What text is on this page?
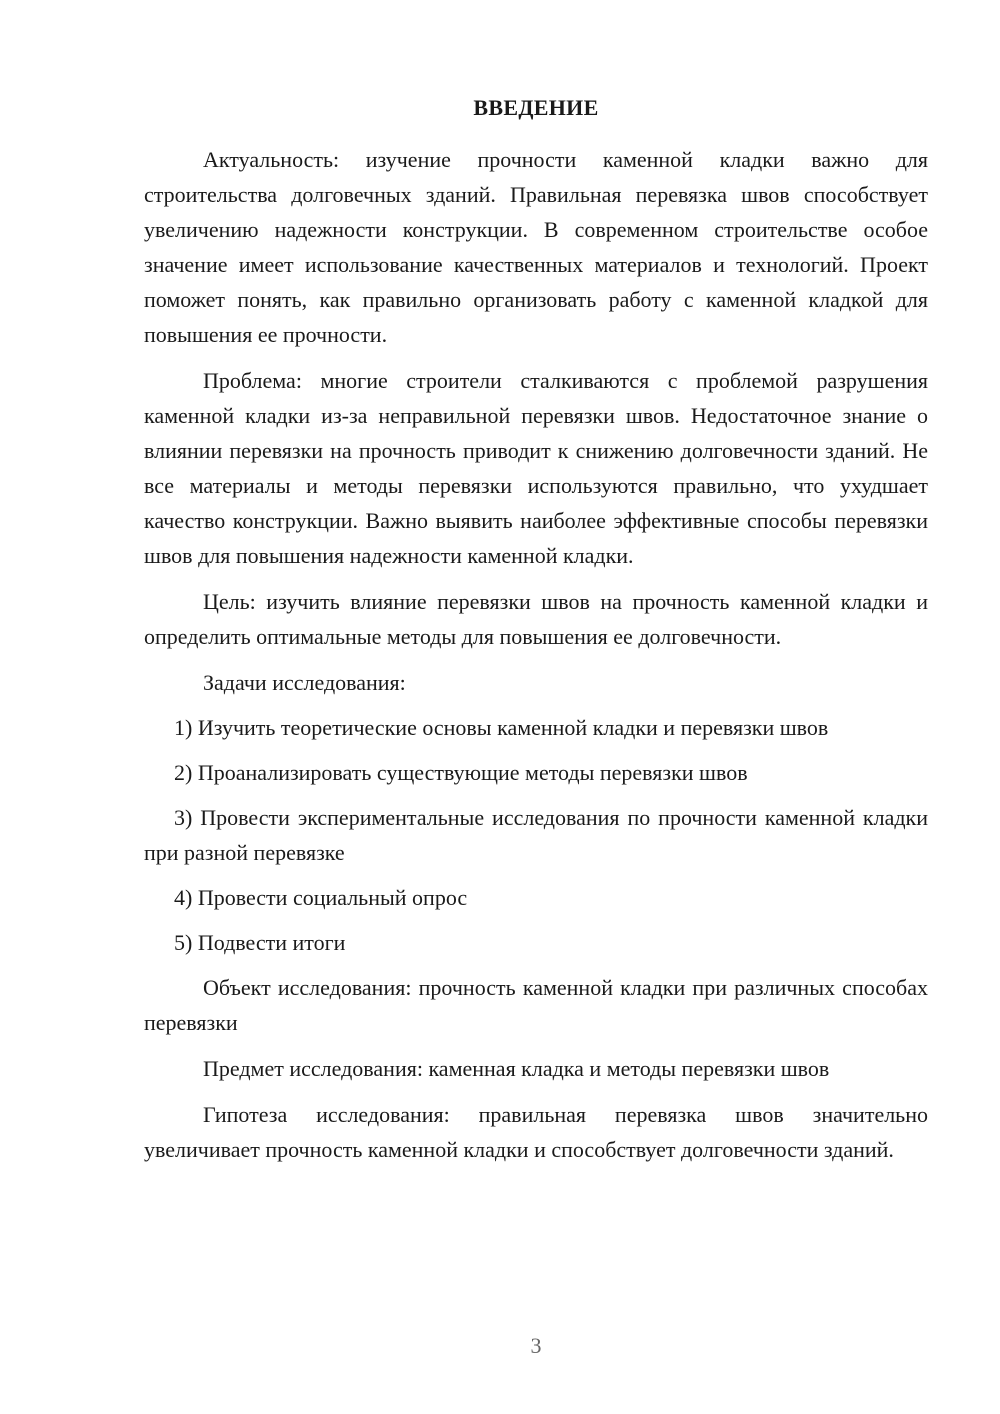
ВВЕДЕНИЕ

Актуальность: изучение прочности каменной кладки важно для строительства долговечных зданий. Правильная перевязка швов способствует увеличению надежности конструкции. В современном строительстве особое значение имеет использование качественных материалов и технологий. Проект поможет понять, как правильно организовать работу с каменной кладкой для повышения ее прочности.

Проблема: многие строители сталкиваются с проблемой разрушения каменной кладки из-за неправильной перевязки швов. Недостаточное знание о влиянии перевязки на прочность приводит к снижению долговечности зданий. Не все материалы и методы перевязки используются правильно, что ухудшает качество конструкции. Важно выявить наиболее эффективные способы перевязки швов для повышения надежности каменной кладки.

Цель: изучить влияние перевязки швов на прочность каменной кладки и определить оптимальные методы для повышения ее долговечности.

Задачи исследования:

1) Изучить теоретические основы каменной кладки и перевязки швов

2) Проанализировать существующие методы перевязки швов

3) Провести экспериментальные исследования по прочности каменной кладки при разной перевязке

4) Провести социальный опрос

5) Подвести итоги

Объект исследования: прочность каменной кладки при различных способах перевязки

Предмет исследования: каменная кладка и методы перевязки швов

Гипотеза исследования: правильная перевязка швов значительно увеличивает прочность каменной кладки и способствует долговечности зданий.

3
